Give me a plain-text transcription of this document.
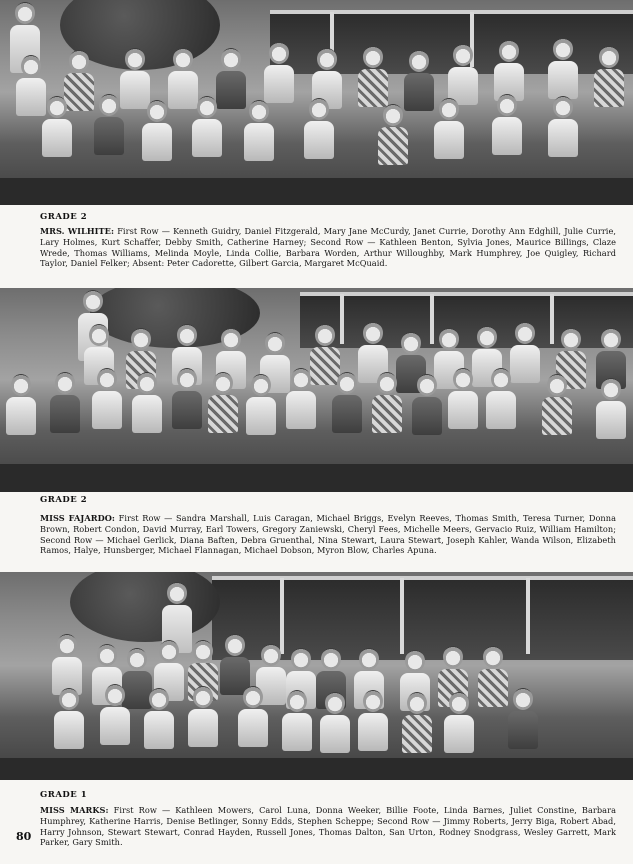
GRADE 2
MRS. WILHITE: First Row — Kenneth Guidry, Daniel Fitzgerald, Mary Jane McCurdy, Janet Currie, Dorothy Ann Edghill, Julie Currie, Lary Holmes, Kurt Schaffer, Debby Smith, Catherine Harney; Second Row — Kathleen Benton, Sylvia Jones, Maurice Billings, Claze Wrede, Thomas Williams, Melinda Moyle, Linda Collie, Barbara Worden, Arthur Willoughby, Mark Humphrey, Joe Quigley, Richard Taylor, Daniel Felker; Absent: Peter Cadorette, Gilbert Garcia, Margaret McQuaid.
GRADE 2
MISS FAJARDO: First Row — Sandra Marshall, Luis Caragan, Michael Briggs, Evelyn Reeves, Thomas Smith, Teresa Turner, Donna Brown, Robert Condon, David Murray, Earl Towers, Gregory Zaniewski, Cheryl Fees, Michelle Meers, Gervacio Ruiz, William Hamilton; Second Row — Michael Gerlick, Diana Baften, Debra Gruenthal, Nina Stewart, Laura Stewart, Joseph Kahler, Wanda Wilson, Elizabeth Ramos, Halye, Hunsberger, Michael Flannagan, Michael Dobson, Myron Blow, Charles Apuna.
GRADE 1
MISS MARKS: First Row — Kathleen Mowers, Carol Luna, Donna Weeker, Billie Foote, Linda Barnes, Juliet Constine, Barbara Humphrey, Katherine Harris, Denise Betlinger, Sonny Edds, Stephen Scheppe; Second Row — Jimmy Roberts, Jerry Biga, Robert Abad, Harry Johnson, Stewart Stewart, Conrad Hayden, Russell Jones, Thomas Dalton, San Urton, Rodney Snodgrass, Wesley Garrett, Mark Parker, Gary Smith.
80
